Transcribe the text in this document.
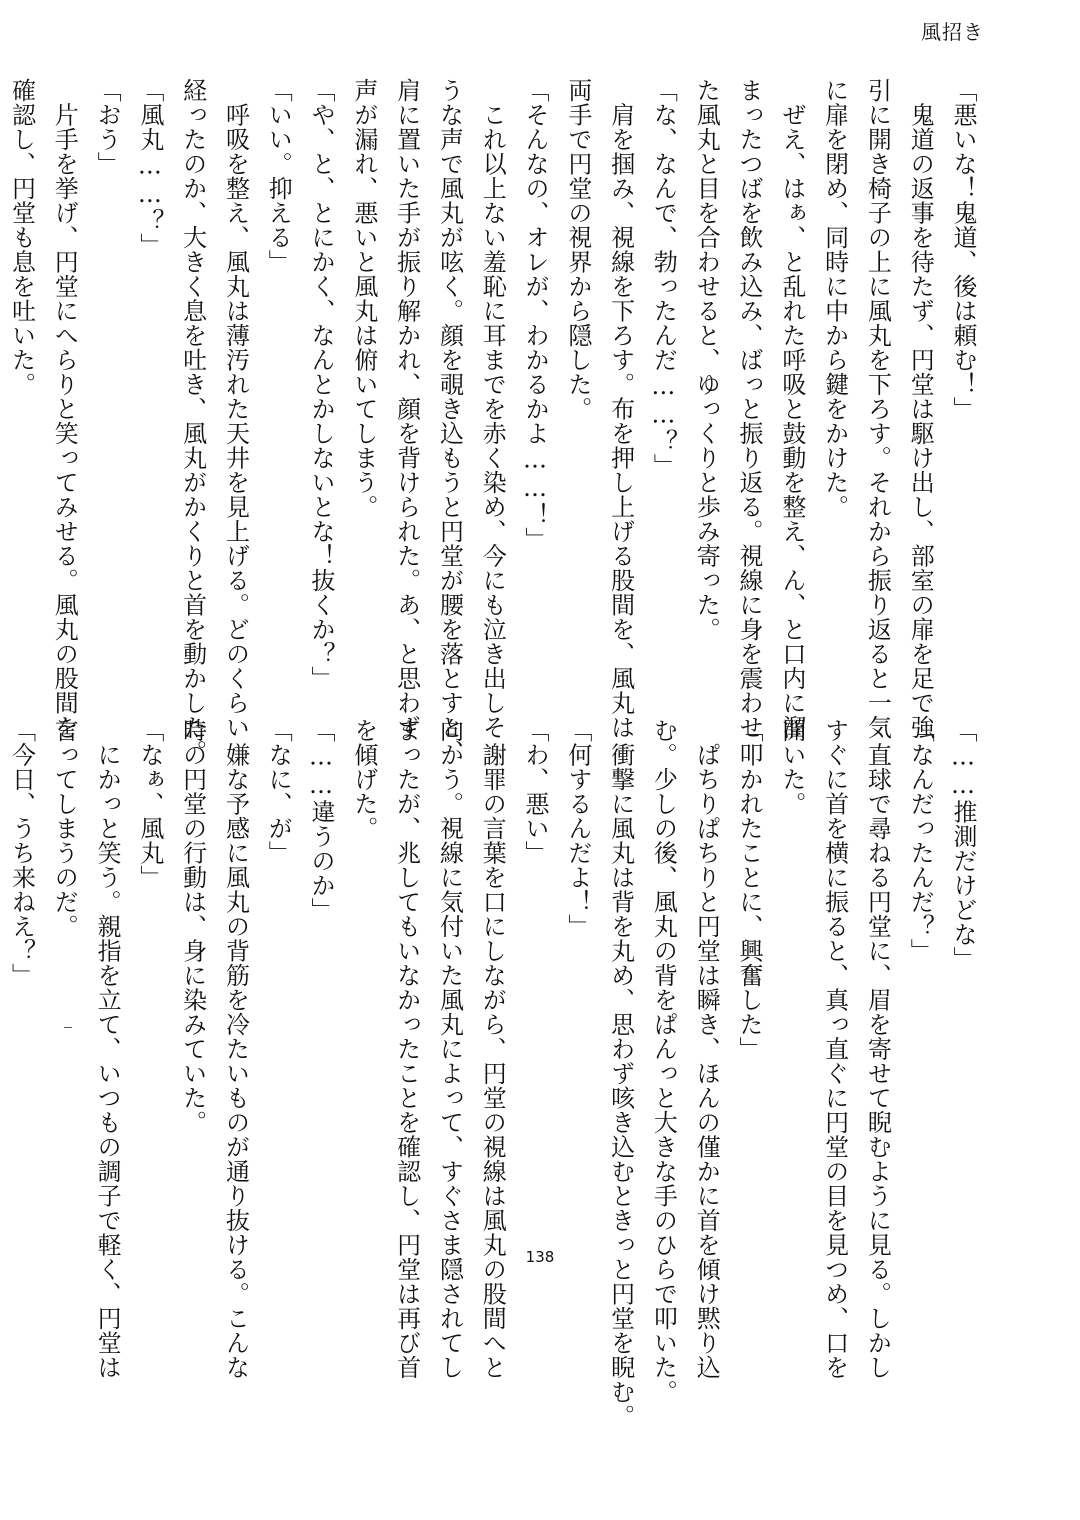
風招き
「悪いな！鬼道、後は頼む！」
　鬼道の返事を待たず、円堂は駆け出し、部室の扉を足で強
引に開き椅子の上に風丸を下ろす。それから振り返ると一気
に扉を閉め、同時に中から鍵をかけた。
　ぜえ、はぁ、と乱れた呼吸と鼓動を整え、ん、と口内に溜
まったつばを飲み込み、ばっと振り返る。視線に身を震わせ
た風丸と目を合わせると、ゆっくりと歩み寄った。
「な、なんで、勃ったんだ……？」
　肩を掴み、視線を下ろす。布を押し上げる股間を、風丸は
両手で円堂の視界から隠した。
「そんなの、オレが、わかるかよ……！」
　これ以上ない羞恥に耳までを赤く染め、今にも泣き出しそ
うな声で風丸が呟く。顔を覗き込もうと円堂が腰を落とすと、
肩に置いた手が振り解かれ、顔を背けられた。あ、と思わず
声が漏れ、悪いと風丸は俯いてしまう。
「や、と、とにかく、なんとかしないとな！抜くか？」
「いい。抑える」
　呼吸を整え、風丸は薄汚れた天井を見上げる。どのくらい
経ったのか、大きく息を吐き、風丸がかくりと首を動かした。
「風丸……？」
「おう」
　片手を挙げ、円堂にへらりと笑ってみせる。風丸の股間を
確認し、円堂も息を吐いた。
「……推測だけどな」
「なんだったんだ？」
　直球で尋ねる円堂に、眉を寄せて睨むように見る。しかし
すぐに首を横に振ると、真っ直ぐに円堂の目を見つめ、口を
開いた。
「叩かれたことに、興奮した」
　ぱちりぱちりと円堂は瞬き、ほんの僅かに首を傾け黙り込
む。少しの後、風丸の背をぱんっと大きな手のひらで叩いた。
　衝撃に風丸は背を丸め、思わず咳き込むときっと円堂を睨む。
「何するんだよ！」
「わ、悪い」
　謝罪の言葉を口にしながら、円堂の視線は風丸の股間へと
向かう。視線に気付いた風丸によって、すぐさま隠されてし
まったが、兆してもいなかったことを確認し、円堂は再び首
を傾げた。
「……違うのか」
「なに、が」
　嫌な予感に風丸の背筋を冷たいものが通り抜ける。こんな
時の円堂の行動は、身に染みていた。
「なぁ、風丸」
　にかっと笑う。親指を立て、いつもの調子で軽く、円堂は
言ってしまうのだ。
「今日、うち来ねえ？」
138
